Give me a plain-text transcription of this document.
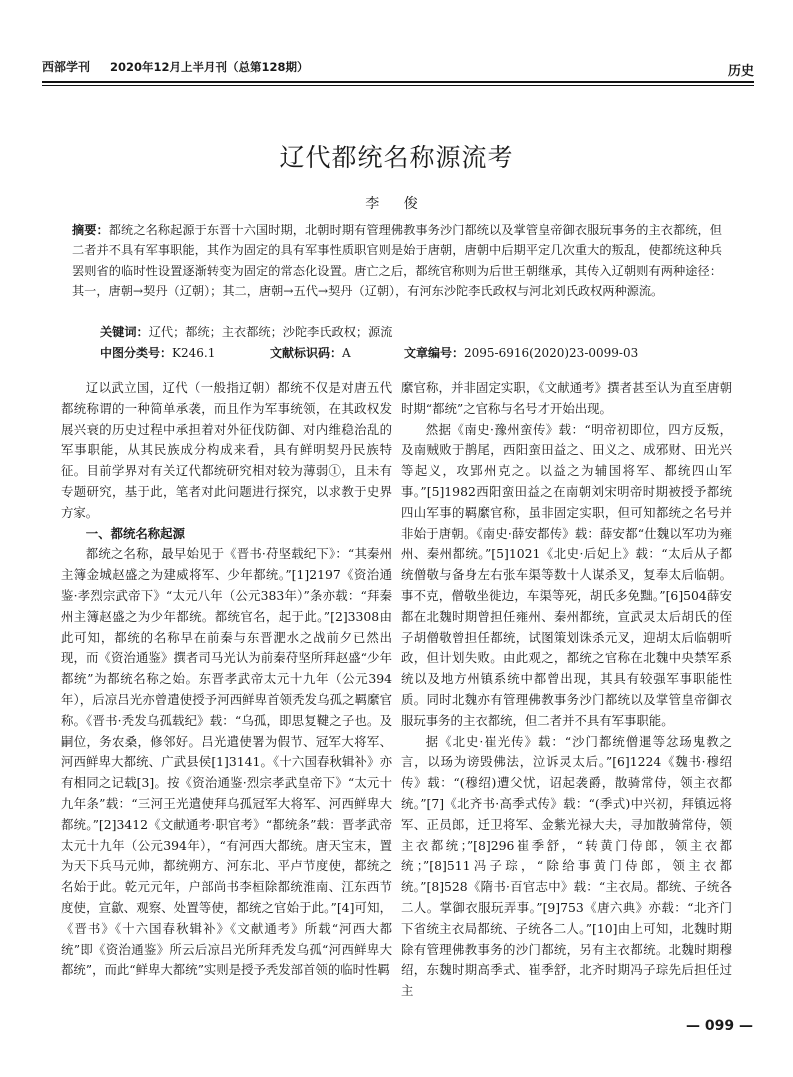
西部学刊 2020年12月上半月刊（总第128期）	历史
辽代都统名称源流考
李 俊
摘要：都统之名称起源于东晋十六国时期，北朝时期有管理佛教事务沙门都统以及掌管皇帝御衣服玩事务的主衣都统，但二者并不具有军事职能，其作为固定的具有军事性质职官则是始于唐朝，唐朝中后期平定几次重大的叛乱，使都统这种兵罢则省的临时性设置逐渐转变为固定的常态化设置。唐亡之后，都统官称则为后世王朝继承，其传入辽朝则有两种途径：其一，唐朝→契丹（辽朝）；其二，唐朝→五代→契丹（辽朝），有河东沙陀李氏政权与河北刘氏政权两种源流。
关键词：辽代；都统；主衣都统；沙陀李氏政权；源流
中图分类号：K246.1	文献标识码：A	文章编号：2095-6916(2020)23-0099-03

辽以武立国，辽代（一般指辽朝）都统不仅是对唐五代都统称谓的一种简单承袭，而且作为军事统领，在其政权发展兴衰的历史过程中承担着对外征伐防御、对内维稳治乱的军事职能，从其民族成分构成来看，具有鲜明契丹民族特征。目前学界对有关辽代都统研究相对较为薄弱①，且未有专题研究，基于此，笔者对此问题进行探究，以求教于史界方家。

一、都统名称起源

都统之名称，最早始见于《晋书·苻坚载纪下》：“其秦州主簿金城赵盛之为建威将军、少年都统。”[1]2197《资治通鉴·孝烈宗武帝下》“太元八年（公元383年）”条亦载：“拜秦州主簿赵盛之为少年都统。都统官名，起于此。”[2]3308由此可知，都统的名称早在前秦与东晋淝水之战前夕已然出现，而《资治通鉴》撰者司马光认为前秦苻坚所拜赵盛“少年都统”为都统名称之始。东晋孝武帝太元十九年（公元394年），后凉吕光亦曾遣使授予河西鲜卑首领秃发乌孤之羁縻官称。《晋书·秃发乌孤载纪》载：“乌孤，即思复鞬之子也。及嗣位，务农桑，修邻好。吕光遣使署为假节、冠军大将军、河西鲜卑大都统、广武县侯[1]3141。《十六国春秋辑补》亦有相同之记载[3]。按《资治通鉴·烈宗孝武皇帝下》“太元十九年条”载：“三河王光遣使拜乌孤冠军大将军、河西鲜卑大都统。”[2]3412《文献通考·职官考》“都统条”载：晋孝武帝太元十九年（公元394年），“有河西大都统。唐天宝末，置为天下兵马元帅，都统朔方、河东北、平卢节度使，都统之名始于此。乾元元年，户部尚书李桓除都统淮南、江东西节度使，宣歙、观察、处置等使，都统之官始于此。”[4]可知，《晋书》《十六国春秋辑补》《文献通考》所载“河西大都统”即《资治通鉴》所云后凉吕光所拜秃发乌孤“河西鲜卑大都统”，而此“鲜卑大都统”实则是授予秃发部首领的临时性羁

縻官称，并非固定实职，《文献通考》撰者甚至认为直至唐朝时期“都统”之官称与名号才开始出现。

然据《南史·豫州蛮传》载：“明帝初即位，四方反叛，及南贼败于鹊尾，西阳蛮田益之、田义之、成邪财、田光兴等起义，攻郢州克之。以益之为辅国将军、都统四山军事。”[5]1982西阳蛮田益之在南朝刘宋明帝时期被授予都统四山军事的羁縻官称，虽非固定实职，但可知都统之名号并非始于唐朝。《南史·薛安都传》载：薛安都“仕魏以军功为雍州、秦州都统。”[5]1021《北史·后妃上》载：“太后从子都统僧敬与备身左右张车渠等数十人谋杀叉，复奉太后临朝。事不克，僧敬坐徙边，车渠等死，胡氏多免黜。”[6]504薛安都在北魏时期曾担任雍州、秦州都统，宣武灵太后胡氏的侄子胡僧敬曾担任都统，试图策划诛杀元叉，迎胡太后临朝听政，但计划失败。由此观之，都统之官称在北魏中央禁军系统以及地方州镇系统中都曾出现，其具有较强军事职能性质。同时北魏亦有管理佛教事务沙门都统以及掌管皇帝御衣服玩事务的主衣都统，但二者并不具有军事职能。

据《北史·崔光传》载：“沙门都统僧暹等忿玚鬼教之言，以玚为谤毁佛法，泣诉灵太后。”[6]1224《魏书·穆绍传》载：“(穆绍)遭父忧，诏起袭爵，散骑常侍，领主衣都统。”[7]《北齐书·高季式传》载：“(季式)中兴初，拜镇远将军、正员郎，迁卫将军、金紫光禄大夫，寻加散骑常侍，领主衣都统；”[8]296崔季舒，“转黄门侍郎，领主衣都统；”[8]511冯子琮，“除给事黄门侍郎，领主衣都统。”[8]528《隋书·百官志中》载：“主衣局。都统、子统各二人。掌御衣服玩弄事。”[9]753《唐六典》亦载：“北齐门下省统主衣局都统、子统各二人。”[10]由上可知，北魏时期除有管理佛教事务的沙门都统，另有主衣都统。北魏时期穆绍，东魏时期高季式、崔季舒，北齐时期冯子琮先后担任过主

— 099 —
